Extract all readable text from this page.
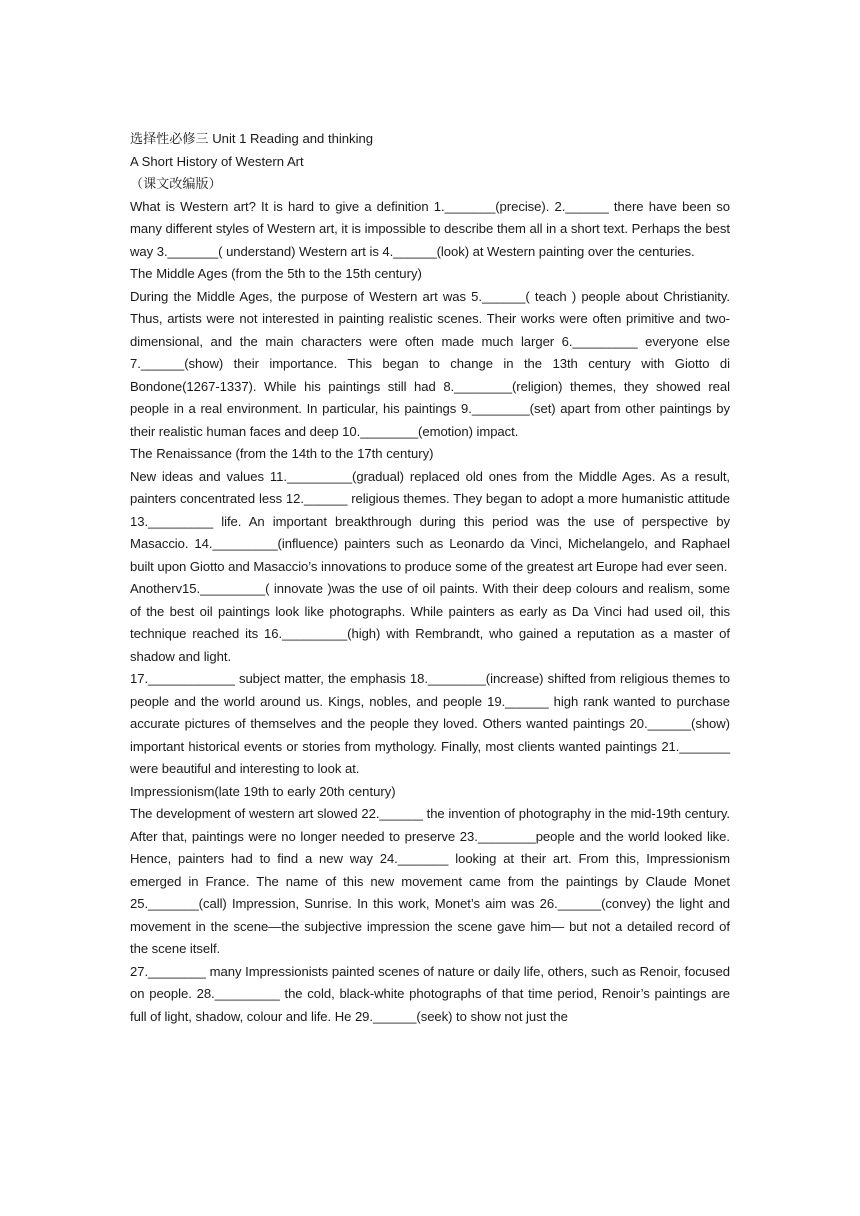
选择性必修三 Unit 1 Reading and thinking

A Short History of Western Art

（课文改编版）

What is Western art? It is hard to give a definition 1._______(precise). 2.______ there have been so many different styles of Western art, it is impossible to describe them all in a short text. Perhaps the best way 3._______( understand) Western art is 4.______(look) at Western painting over the centuries.

The Middle Ages (from the 5th to the 15th century)

During the Middle Ages, the purpose of Western art was 5.______( teach ) people about Christianity. Thus, artists were not interested in painting realistic scenes. Their works were often primitive and two-dimensional, and the main characters were often made much larger 6._________ everyone else 7.______(show) their importance. This began to change in the 13th century with Giotto di Bondone(1267-1337). While his paintings still had 8.________(religion) themes, they showed real people in a real environment. In particular, his paintings 9.________(set) apart from other paintings by their realistic human faces and deep 10.________(emotion) impact.

The Renaissance (from the 14th to the 17th century)

New ideas and values 11._________(gradual) replaced old ones from the Middle Ages. As a result, painters concentrated less 12.______ religious themes. They began to adopt a more humanistic attitude 13._________ life. An important breakthrough during this period was the use of perspective by Masaccio. 14._________(influence) painters such as Leonardo da Vinci, Michelangelo, and Raphael built upon Giotto and Masaccio’s innovations to produce some of the greatest art Europe had ever seen.

Anotherv15._________( innovate )was the use of oil paints. With their deep colours and realism, some of the best oil paintings look like photographs. While painters as early as Da Vinci had used oil, this technique reached its 16._________(high) with Rembrandt, who gained a reputation as a master of shadow and light.

17.____________ subject matter, the emphasis 18.________(increase) shifted from religious themes to people and the world around us. Kings, nobles, and people 19.______ high rank wanted to purchase accurate pictures of themselves and the people they loved. Others wanted paintings 20.______(show) important historical events or stories from mythology. Finally, most clients wanted paintings 21._______ were beautiful and interesting to look at.

Impressionism(late 19th to early 20th century)

The development of western art slowed 22.______ the invention of photography in the mid-19th century. After that, paintings were no longer needed to preserve 23.________people and the world looked like. Hence, painters had to find a new way 24._______ looking at their art. From this, Impressionism emerged in France. The name of this new movement came from the paintings by Claude Monet 25._______(call) Impression, Sunrise. In this work, Monet’s aim was 26.______(convey) the light and movement in the scene—the subjective impression the scene gave him— but not a detailed record of the scene itself.

27.________ many Impressionists painted scenes of nature or daily life, others, such as Renoir, focused on people. 28._________ the cold, black-white photographs of that time period, Renoir’s paintings are full of light, shadow, colour and life. He 29.______(seek) to show not just the
